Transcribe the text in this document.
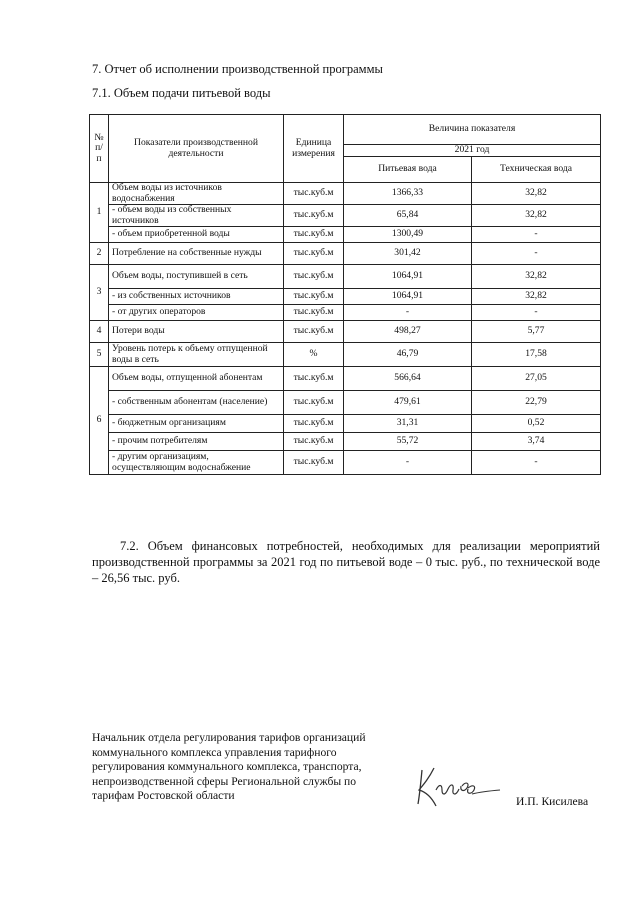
7. Отчет об исполнении производственной программы
7.1. Объем подачи питьевой воды
№ п/ п	Показатели производственной деятельности	Единица измерения	Величина показателя	
			2021 год	
			Питьевая вода	Техническая вода
1	Объем воды из источников водоснабжения	тыс.куб.м	1366,33	32,82
	- объем воды из собственных источников	тыс.куб.м	65,84	32,82
	- объем приобретенной воды	тыс.куб.м	1300,49	-
2	Потребление на собственные нужды	тыс.куб.м	301,42	-
3	Объем воды, поступившей в сеть	тыс.куб.м	1064,91	32,82
	- из собственных источников	тыс.куб.м	1064,91	32,82
	- от других операторов	тыс.куб.м	-	-
4	Потери воды	тыс.куб.м	498,27	5,77
5	Уровень потерь к объему отпущенной воды в сеть	%	46,79	17,58
6	Объем воды, отпущенной абонентам	тыс.куб.м	566,64	27,05
	- собственным абонентам (население)	тыс.куб.м	479,61	22,79
	- бюджетным организациям	тыс.куб.м	31,31	0,52
	- прочим потребителям	тыс.куб.м	55,72	3,74
	- другим организациям, осуществляющим водоснабжение	тыс.куб.м	-	-

7.2. Объем финансовых потребностей, необходимых для реализации мероприятий производственной программы за 2021 год по питьевой воде – 0 тыс. руб., по технической воде – 26,56 тыс. руб.

Начальник отдела регулирования тарифов организаций
коммунального комплекса управления тарифного
регулирования коммунального комплекса, транспорта,
непроизводственной сферы Региональной службы по
тарифам Ростовской области	И.П. Кисилева
